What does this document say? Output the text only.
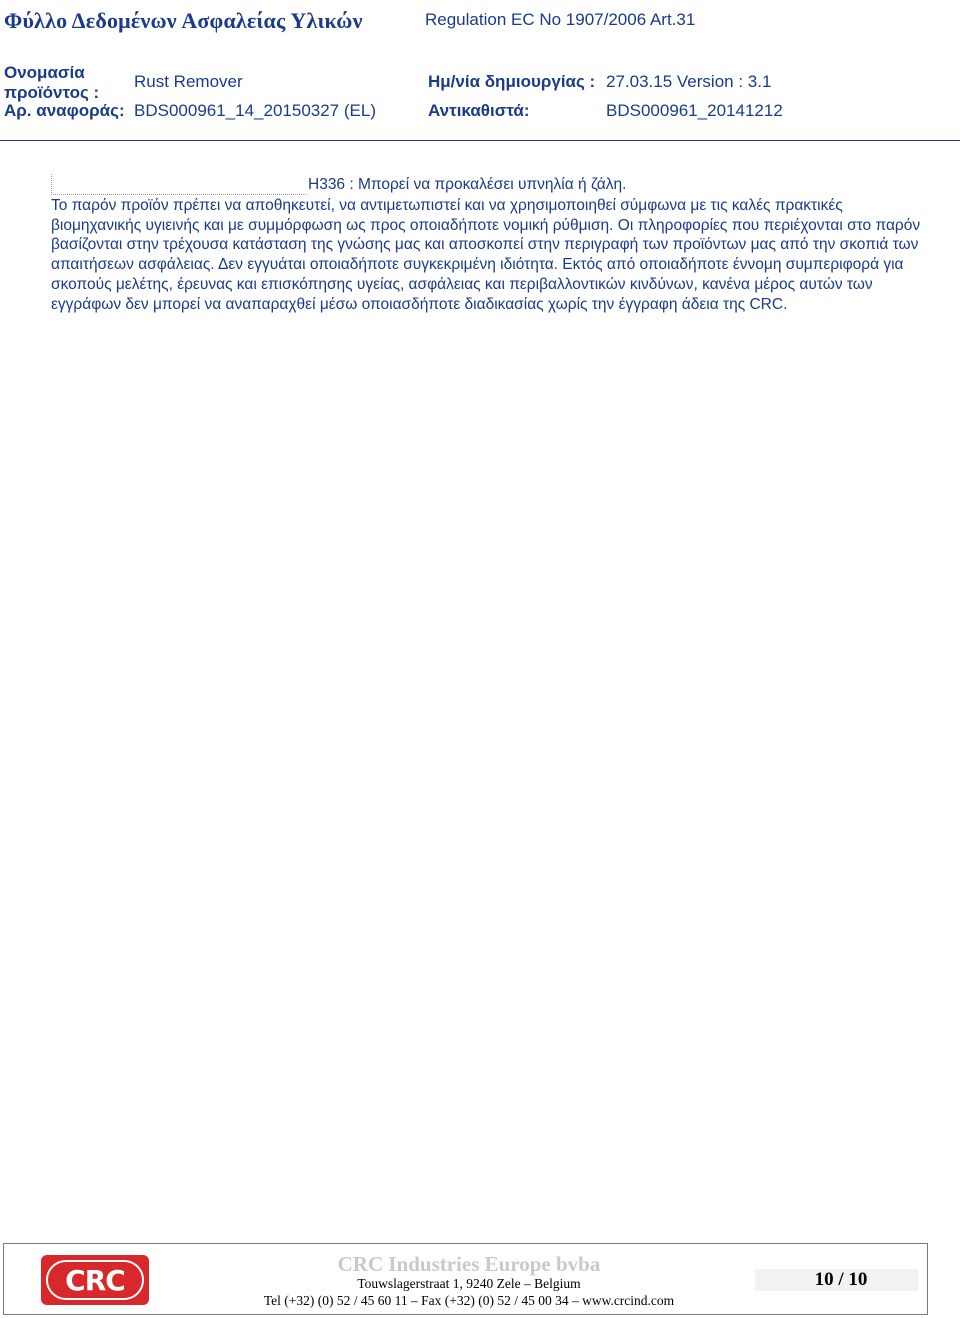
Φύλλο Δεδομένων Ασφαλείας Υλικών	Regulation EC No 1907/2006 Art.31
Ονομασία
προϊόντος :
Rust Remover	Ημ/νία δημιουργίας : 27.03.15 Version : 3.1
Αρ. αναφοράς: BDS000961_14_20150327 (EL)	Αντικαθιστά:	BDS000961_20141212
H336 : Μπορεί να προκαλέσει υπνηλία ή ζάλη.

Το παρόν προϊόν πρέπει να αποθηκευτεί, να αντιμετωπιστεί και να χρησιμοποιηθεί σύμφωνα με τις καλές πρακτικές βιομηχανικής υγιεινής και με συμμόρφωση ως προς οποιαδήποτε νομική ρύθμιση. Οι πληροφορίες που περιέχονται στο παρόν βασίζονται στην τρέχουσα κατάσταση της γνώσης μας και αποσκοπεί στην περιγραφή των προϊόντων μας από την σκοπιά των απαιτήσεων ασφάλειας. Δεν εγγυάται οποιαδήποτε συγκεκριμένη ιδιότητα. Εκτός από οποιαδήποτε έννομη συμπεριφορά για σκοπούς μελέτης, έρευνας και επισκόπησης υγείας, ασφάλειας και περιβαλλοντικών κινδύνων, κανένα μέρος αυτών των εγγράφων δεν μπορεί να αναπαραχθεί μέσω οποιασδήποτε διαδικασίας χωρίς την έγγραφη άδεια της CRC.

CRC	CRC Industries Europe bvba
Touwslagerstraat 1, 9240 Zele – Belgium
Tel (+32) (0) 52 / 45 60 11 – Fax (+32) (0) 52 / 45 00 34 – www.crcind.com
10 / 10
